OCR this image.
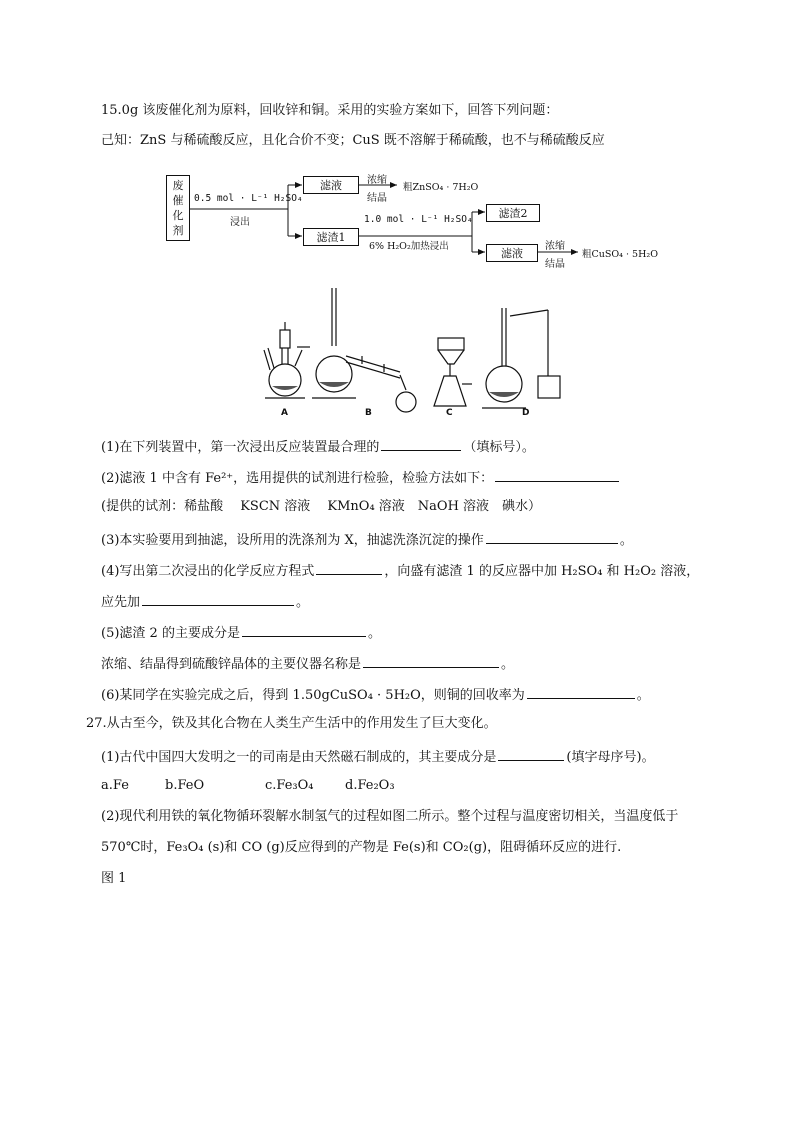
15.0g 该废催化剂为原料，回收锌和铜。采用的实验方案如下，回答下列问题：
己知：ZnS 与稀硫酸反应，且化合价不变；CuS 既不溶解于稀硫酸，也不与稀硫酸反应
废
催
化
剂
0.5 mol · L⁻¹ H₂SO₄
浸出
滤液	浓缩
结晶
粗ZnSO₄ · 7H₂O
滤渣1
1.0 mol · L⁻¹ H₂SO₄
6% H₂O₂加热浸出
滤渣2
滤液
浓缩
结晶
粗CuSO₄ · 5H₂O
A	B	C	D
(1)在下列装置中，第一次浸出反应装置最合理的	（填标号）。
(2)滤液 1 中含有 Fe²⁺，选用提供的试剂进行检验，检验方法如下：
(提供的试剂：稀盐酸　 KSCN 溶液　 KMnO₄ 溶液　NaOH 溶液　碘水）
(3)本实验要用到抽滤，设所用的洗涤剂为 X，抽滤洗涤沉淀的操作	。
(4)写出第二次浸出的化学反应方程式	，向盛有滤渣 1 的反应器中加 H₂SO₄ 和 H₂O₂ 溶液，
应先加	。
(5)滤渣 2 的主要成分是	。
浓缩、结晶得到硫酸锌晶体的主要仪器名称是	。
(6)某同学在实验完成之后，得到 1.50gCuSO₄ · 5H₂O，则铜的回收率为	。
27.从古至今，铁及其化合物在人类生产生活中的作用发生了巨大变化。
(1)古代中国四大发明之一的司南是由天然磁石制成的，其主要成分是	(填字母序号)。
a.Fe	b.FeO	c.Fe₃O₄ d.Fe₂O₃
(2)现代利用铁的氧化物循环裂解水制氢气的过程如图二所示。整个过程与温度密切相关，当温度低于
570℃时，Fe₃O₄ (s)和 CO (g)反应得到的产物是 Fe(s)和 CO₂(g)，阻碍循环反应的进行.
图 1
